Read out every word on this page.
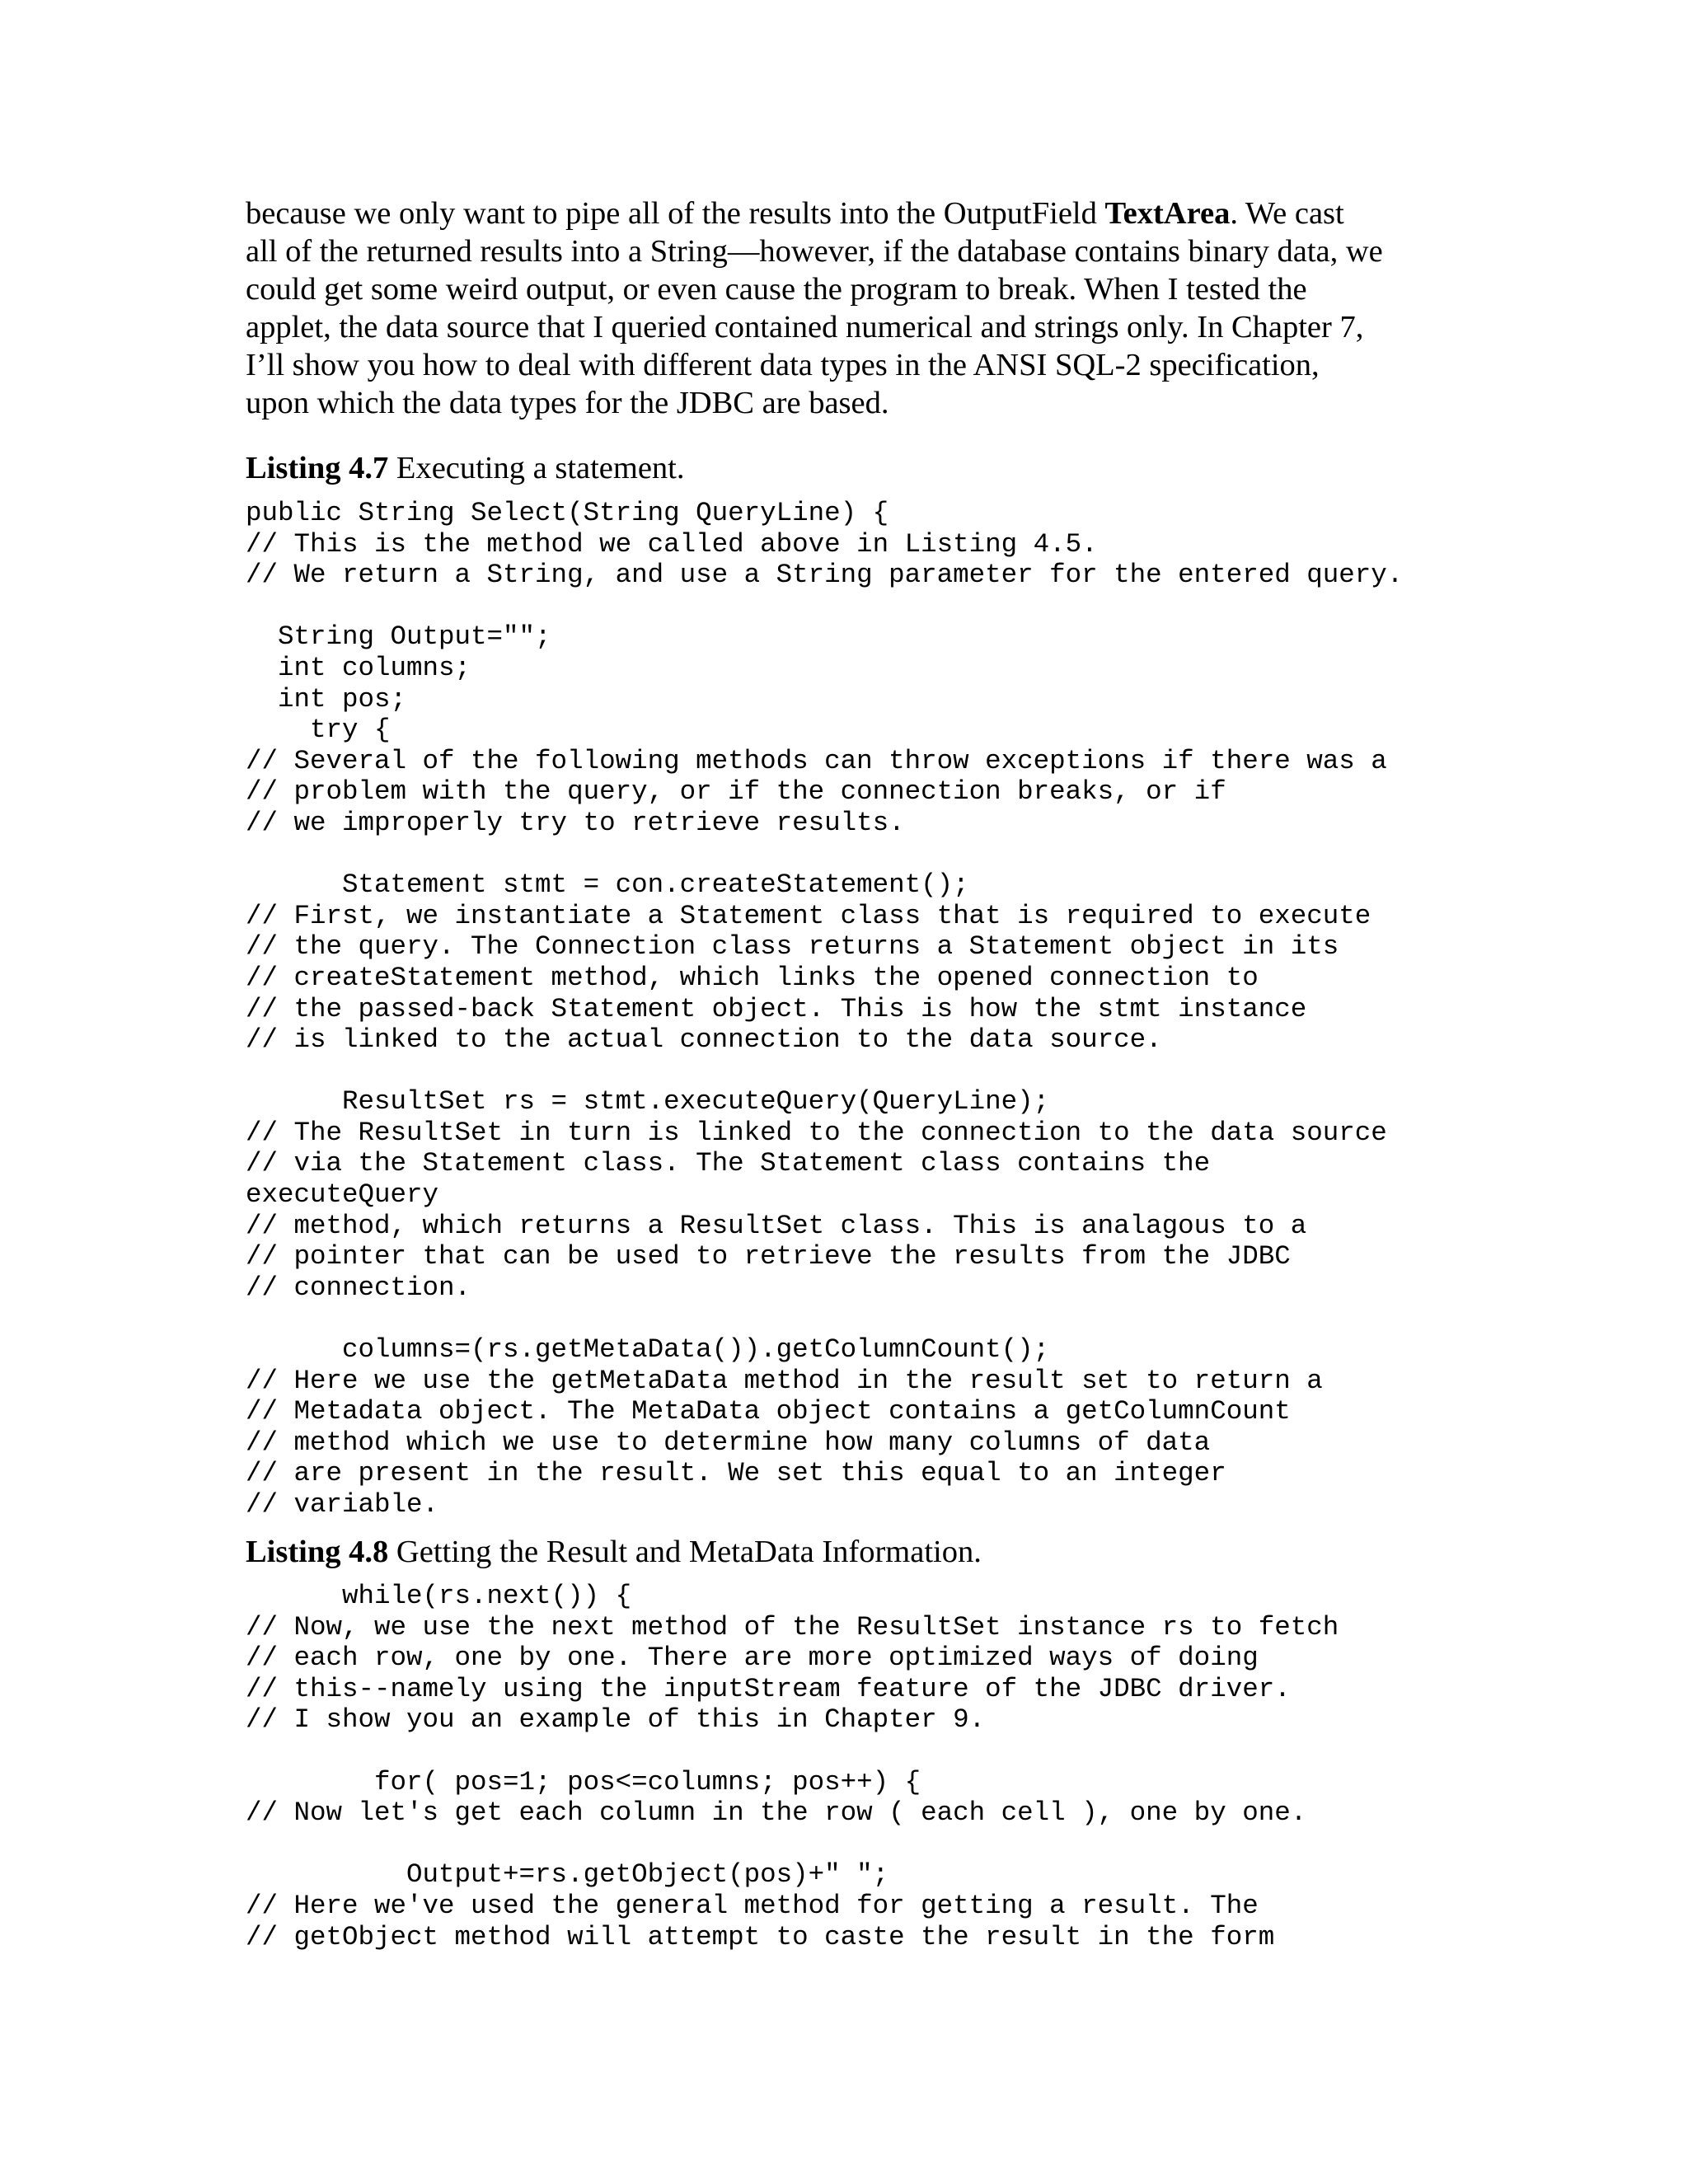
because we only want to pipe all of the results into the OutputField TextArea. We cast
all of the returned results into a String—however, if the database contains binary data, we
could get some weird output, or even cause the program to break. When I tested the
applet, the data source that I queried contained numerical and strings only. In Chapter 7,
I’ll show you how to deal with different data types in the ANSI SQL-2 specification,
upon which the data types for the JDBC are based.
Listing 4.7 Executing a statement.
public String Select(String QueryLine) {
// This is the method we called above in Listing 4.5.
// We return a String, and use a String parameter for the entered query.
String Output="";
int columns;
int pos;
try {
// Several of the following methods can throw exceptions if there was a
// problem with the query, or if the connection breaks, or if
// we improperly try to retrieve results.
Statement stmt = con.createStatement();
// First, we instantiate a Statement class that is required to execute
// the query. The Connection class returns a Statement object in its
// createStatement method, which links the opened connection to
// the passed-back Statement object. This is how the stmt instance
// is linked to the actual connection to the data source.
ResultSet rs = stmt.executeQuery(QueryLine);
// The ResultSet in turn is linked to the connection to the data source
// via the Statement class. The Statement class contains the
executeQuery
// method, which returns a ResultSet class. This is analagous to a
// pointer that can be used to retrieve the results from the JDBC
// connection.
columns=(rs.getMetaData()).getColumnCount();
// Here we use the getMetaData method in the result set to return a
// Metadata object. The MetaData object contains a getColumnCount
// method which we use to determine how many columns of data
// are present in the result. We set this equal to an integer
// variable.
Listing 4.8 Getting the Result and MetaData Information.
while(rs.next()) {
// Now, we use the next method of the ResultSet instance rs to fetch
// each row, one by one. There are more optimized ways of doing
// this--namely using the inputStream feature of the JDBC driver.
// I show you an example of this in Chapter 9.
for( pos=1; pos<=columns; pos++) {
// Now let's get each column in the row ( each cell ), one by one.
Output+=rs.getObject(pos)+" ";
// Here we've used the general method for getting a result. The
// getObject method will attempt to caste the result in the form
